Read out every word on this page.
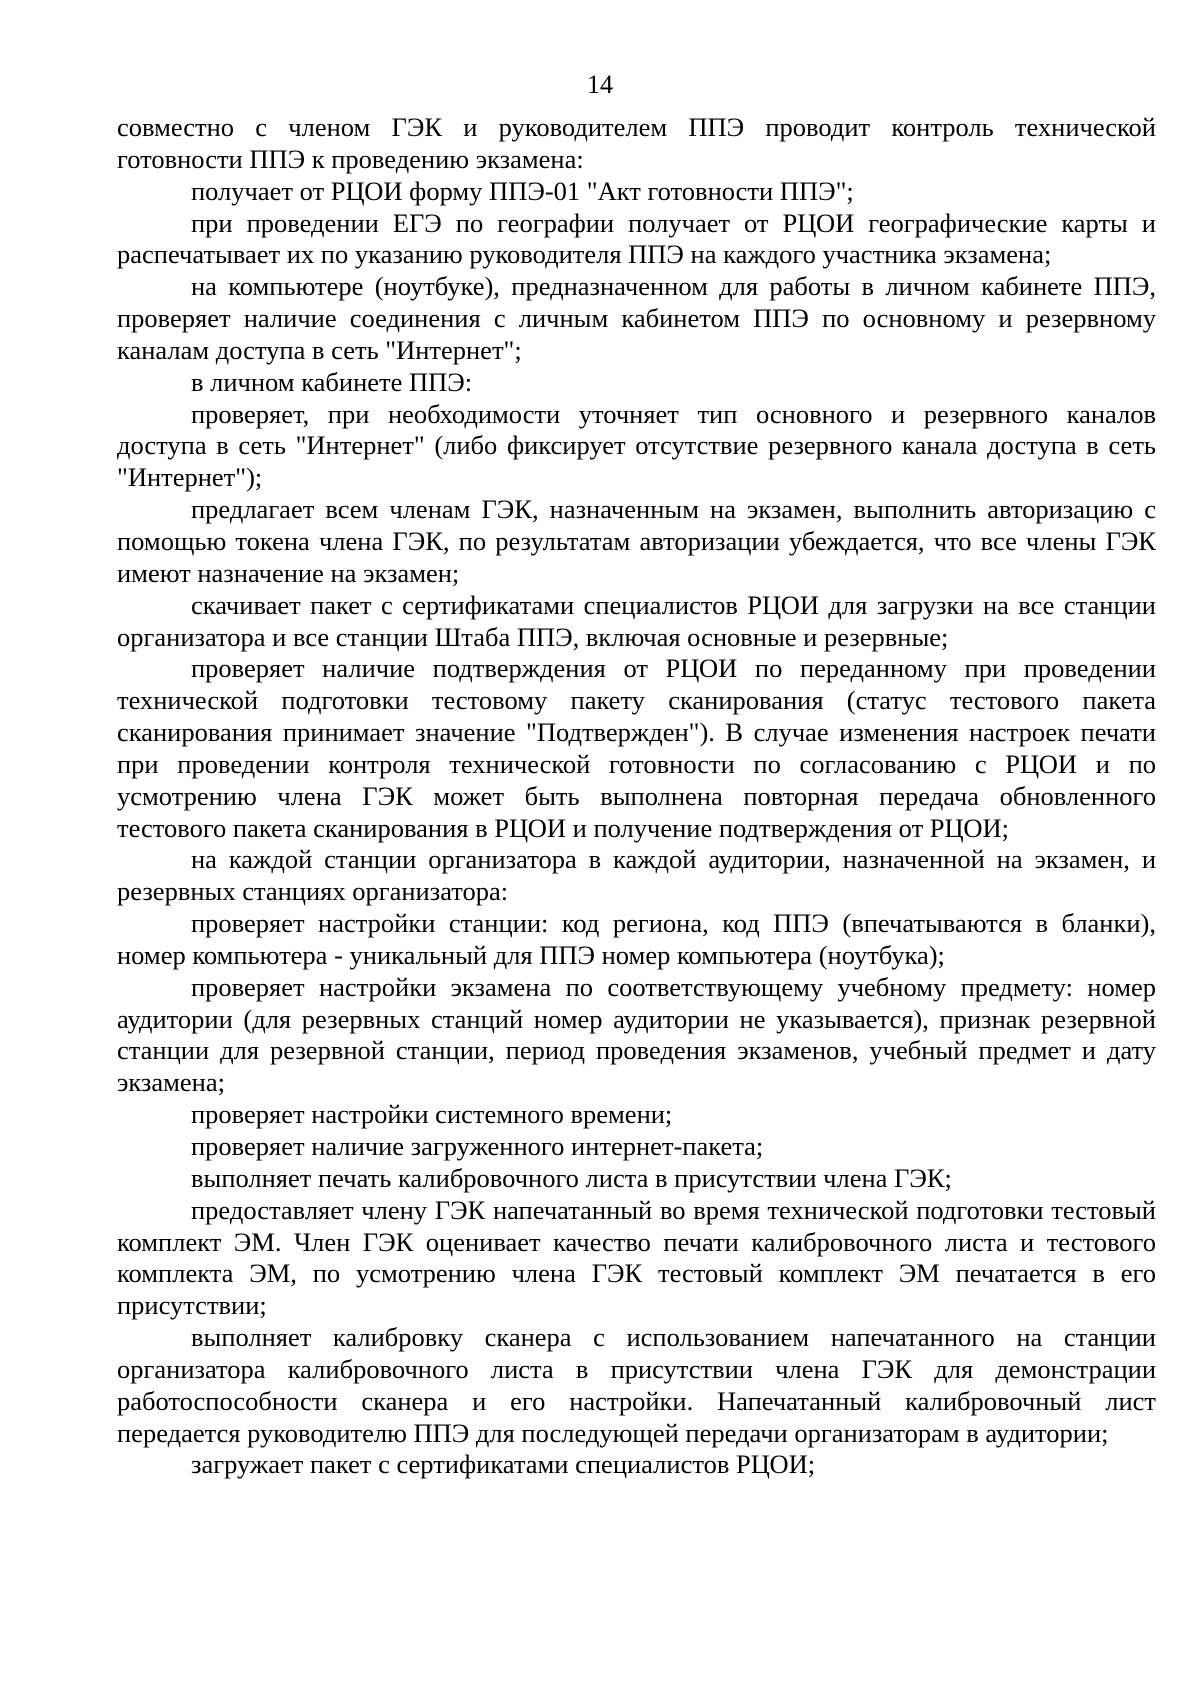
14

совместно с членом ГЭК и руководителем ППЭ проводит контроль технической готовности ППЭ к проведению экзамена:

получает от РЦОИ форму ППЭ-01 "Акт готовности ППЭ";

при проведении ЕГЭ по географии получает от РЦОИ географические карты и распечатывает их по указанию руководителя ППЭ на каждого участника экзамена;

на компьютере (ноутбуке), предназначенном для работы в личном кабинете ППЭ, проверяет наличие соединения с личным кабинетом ППЭ по основному и резервному каналам доступа в сеть "Интернет";

в личном кабинете ППЭ:

проверяет, при необходимости уточняет тип основного и резервного каналов доступа в сеть "Интернет" (либо фиксирует отсутствие резервного канала доступа в сеть "Интернет");

предлагает всем членам ГЭК, назначенным на экзамен, выполнить авторизацию с помощью токена члена ГЭК, по результатам авторизации убеждается, что все члены ГЭК имеют назначение на экзамен;

скачивает пакет с сертификатами специалистов РЦОИ для загрузки на все станции организатора и все станции Штаба ППЭ, включая основные и резервные;

проверяет наличие подтверждения от РЦОИ по переданному при проведении технической подготовки тестовому пакету сканирования (статус тестового пакета сканирования принимает значение "Подтвержден"). В случае изменения настроек печати при проведении контроля технической готовности по согласованию с РЦОИ и по усмотрению члена ГЭК может быть выполнена повторная передача обновленного тестового пакета сканирования в РЦОИ и получение подтверждения от РЦОИ;

на каждой станции организатора в каждой аудитории, назначенной на экзамен, и резервных станциях организатора:

проверяет настройки станции: код региона, код ППЭ (впечатываются в бланки), номер компьютера - уникальный для ППЭ номер компьютера (ноутбука);

проверяет настройки экзамена по соответствующему учебному предмету: номер аудитории (для резервных станций номер аудитории не указывается), признак резервной станции для резервной станции, период проведения экзаменов, учебный предмет и дату экзамена;

проверяет настройки системного времени;

проверяет наличие загруженного интернет-пакета;

выполняет печать калибровочного листа в присутствии члена ГЭК;

предоставляет члену ГЭК напечатанный во время технической подготовки тестовый комплект ЭМ. Член ГЭК оценивает качество печати калибровочного листа и тестового комплекта ЭМ, по усмотрению члена ГЭК тестовый комплект ЭМ печатается в его присутствии;

выполняет калибровку сканера с использованием напечатанного на станции организатора калибровочного листа в присутствии члена ГЭК для демонстрации работоспособности сканера и его настройки. Напечатанный калибровочный лист передается руководителю ППЭ для последующей передачи организаторам в аудитории;

загружает пакет с сертификатами специалистов РЦОИ;
